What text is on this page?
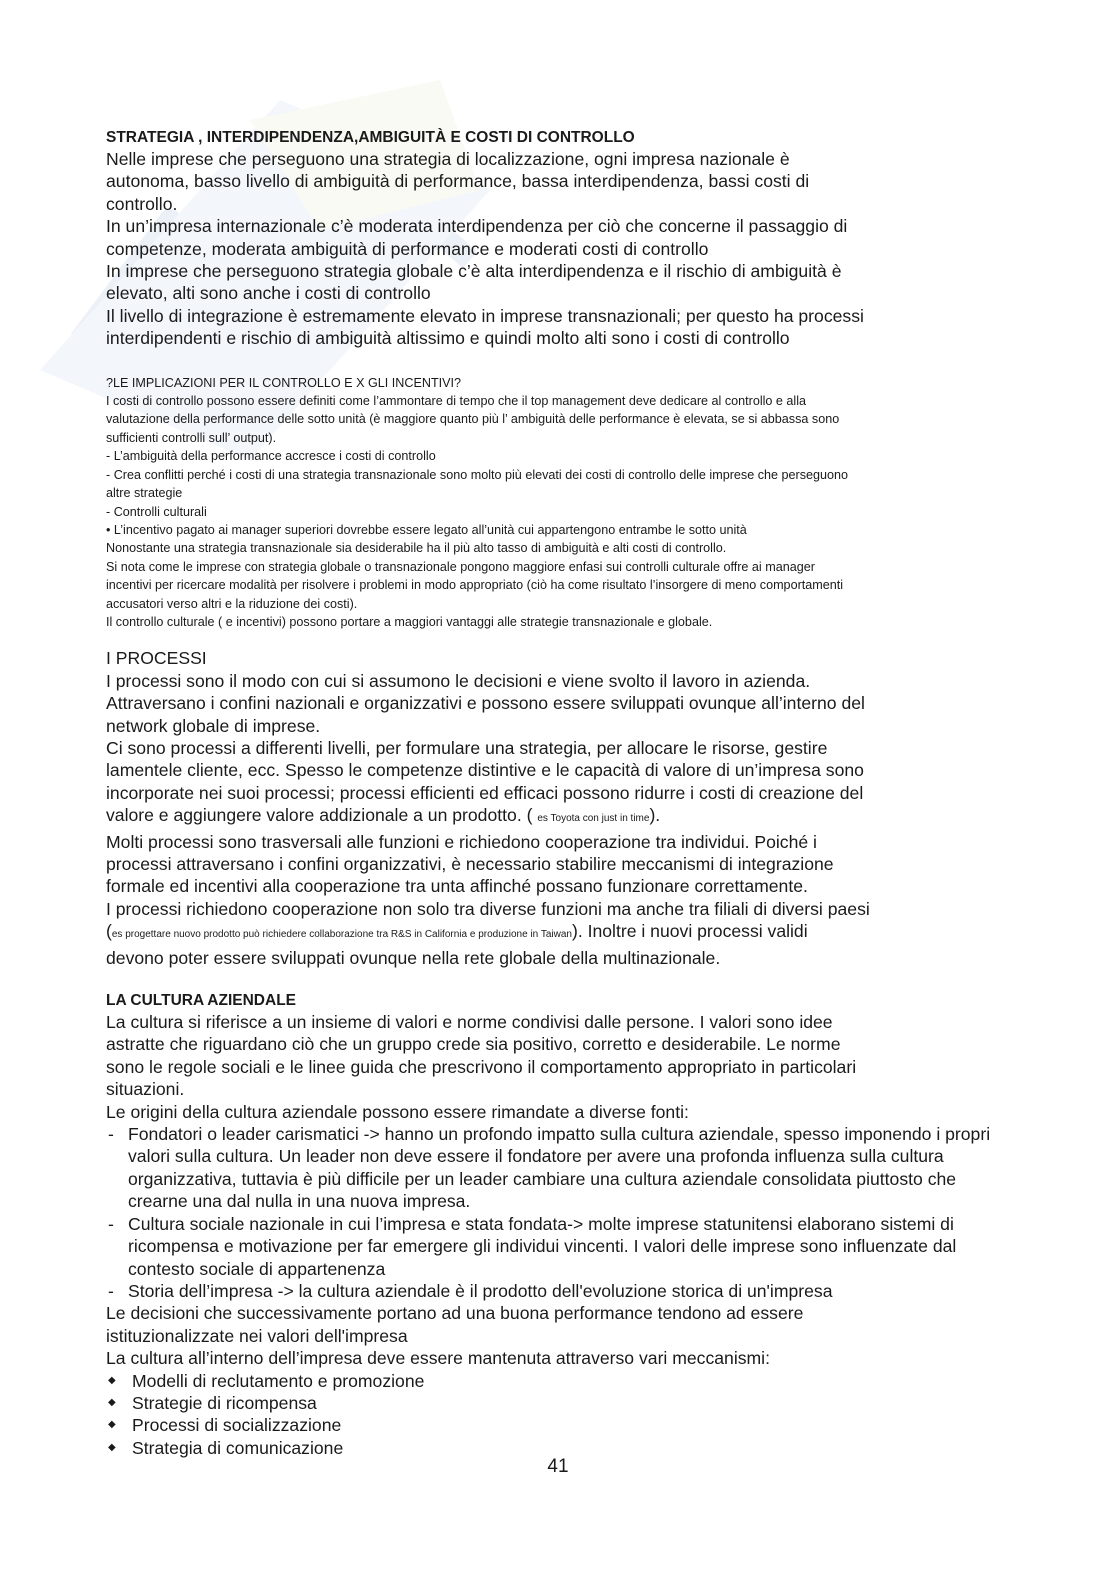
STRATEGIA , INTERDIPENDENZA,AMBIGUITÀ E COSTI DI CONTROLLO

Nelle imprese che perseguono una strategia di localizzazione, ogni impresa nazionale è

autonoma, basso livello di ambiguità di performance, bassa interdipendenza, bassi costi di

controllo.

In un’impresa internazionale c’è moderata interdipendenza per ciò che concerne il passaggio di

competenze, moderata ambiguità di performance e moderati costi di controllo

In imprese che perseguono strategia globale c’è alta interdipendenza e il rischio di ambiguità è

elevato, alti sono anche i costi di controllo

Il livello di integrazione è estremamente elevato in imprese transnazionali; per questo ha processi

interdipendenti e rischio di ambiguità altissimo e quindi molto alti sono i costi di controllo

?LE IMPLICAZIONI PER IL CONTROLLO E X GLI INCENTIVI?

I costi di controllo possono essere definiti come l’ammontare di tempo che il top management deve dedicare al controllo e alla

valutazione della performance delle sotto unità (è maggiore quanto più l’ ambiguità delle performance è elevata, se si abbassa sono

sufficienti controlli sull’ output).

- L’ambiguità della performance accresce i costi di controllo

- Crea conflitti perché i costi di una strategia transnazionale sono molto più elevati dei costi di controllo delle imprese che perseguono

altre strategie

- Controlli culturali

• L’incentivo pagato ai manager superiori dovrebbe essere legato all’unità cui appartengono entrambe le sotto unità

Nonostante una strategia transnazionale sia desiderabile ha il più alto tasso di ambiguità e alti costi di controllo.

Si nota come le imprese con strategia globale o transnazionale pongono maggiore enfasi sui controlli culturale offre ai manager

incentivi per ricercare modalità per risolvere i problemi in modo appropriato (ciò ha come risultato l’insorgere di meno comportamenti

accusatori verso altri e la riduzione dei costi).

Il controllo culturale ( e incentivi) possono portare a maggiori vantaggi alle strategie transnazionale e globale.

I PROCESSI

I processi sono il modo con cui si assumono le decisioni e viene svolto il lavoro in azienda.

Attraversano i confini nazionali e organizzativi e possono essere sviluppati ovunque all’interno del

network globale di imprese.

Ci sono processi a differenti livelli, per formulare una strategia, per allocare le risorse, gestire

lamentele cliente, ecc. Spesso le competenze distintive e le capacità di valore di un’impresa sono

incorporate nei suoi processi; processi efficienti ed efficaci possono ridurre i costi di creazione del

valore e aggiungere valore addizionale a un prodotto. ( es Toyota con just in time).

Molti processi sono trasversali alle funzioni e richiedono cooperazione tra individui. Poiché i

processi attraversano i confini organizzativi, è necessario stabilire meccanismi di integrazione

formale ed incentivi alla cooperazione tra unta affinché possano funzionare correttamente.

I processi richiedono cooperazione non solo tra diverse funzioni ma anche tra filiali di diversi paesi

(es progettare nuovo prodotto può richiedere collaborazione tra R&S in California e produzione in Taiwan). Inoltre i nuovi processi validi

devono poter essere sviluppati ovunque nella rete globale della multinazionale.

LA CULTURA AZIENDALE

La cultura si riferisce a un insieme di valori e norme condivisi dalle persone. I valori sono idee

astratte che riguardano ciò che un gruppo crede sia positivo, corretto e desiderabile. Le norme

sono le regole sociali e le linee guida che prescrivono il comportamento appropriato in particolari

situazioni.

Le origini della cultura aziendale possono essere rimandate a diverse fonti:

- Fondatori o leader carismatici -> hanno un profondo impatto sulla cultura aziendale, spesso imponendo i propri valori sulla cultura. Un leader non deve essere il fondatore per avere una profonda influenza sulla cultura organizzativa, tuttavia è più difficile per un leader cambiare una cultura aziendale consolidata piuttosto che crearne una dal nulla in una nuova impresa.
- Cultura sociale nazionale in cui l’impresa e stata fondata-> molte imprese statunitensi elaborano sistemi di ricompensa e motivazione per far emergere gli individui vincenti. I valori delle imprese sono influenzate dal contesto sociale di appartenenza
- Storia dell’impresa -> la cultura aziendale è il prodotto dell'evoluzione storica di un'impresa

Le decisioni che successivamente portano ad una buona performance tendono ad essere

istituzionalizzate nei valori dell'impresa

La cultura all’interno dell’impresa deve essere mantenuta attraverso vari meccanismi:

◆ Modelli di reclutamento e promozione
◆ Strategie di ricompensa
◆ Processi di socializzazione
◆ Strategia di comunicazione
41
